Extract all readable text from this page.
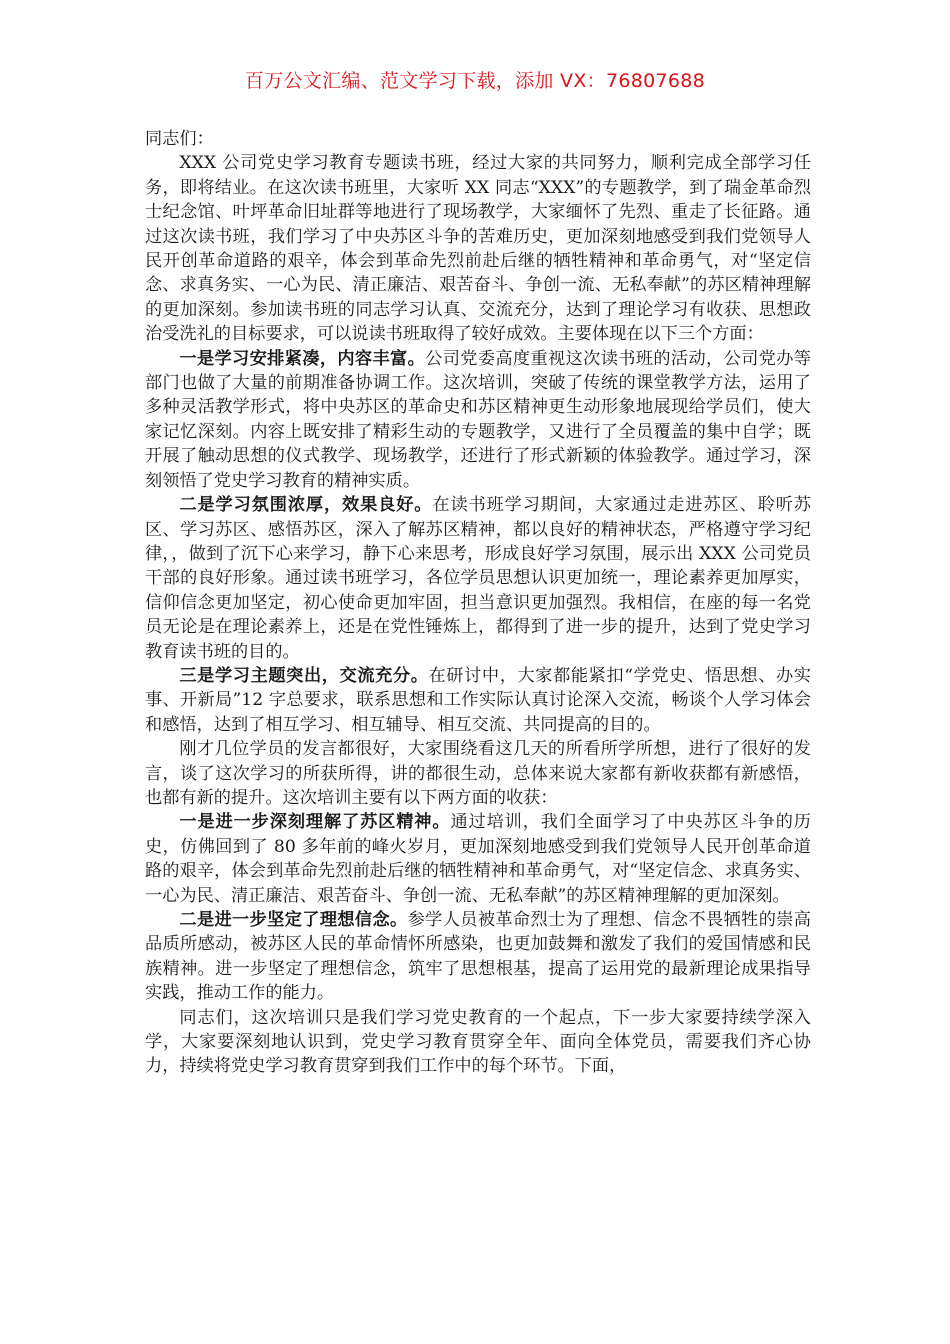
百万公文汇编、范文学习下载，添加 VX：76807688

同志们：

XXX 公司党史学习教育专题读书班，经过大家的共同努力，顺利完成全部学习任务，即将结业。在这次读书班里，大家听 XX 同志“XXX”的专题教学，到了瑞金革命烈士纪念馆、叶坪革命旧址群等地进行了现场教学，大家缅怀了先烈、重走了长征路。通过这次读书班，我们学习了中央苏区斗争的苦难历史，更加深刻地感受到我们党领导人民开创革命道路的艰辛，体会到革命先烈前赴后继的牺牲精神和革命勇气，对“坚定信念、求真务实、一心为民、清正廉洁、艰苦奋斗、争创一流、无私奉献”的苏区精神理解的更加深刻。参加读书班的同志学习认真、交流充分，达到了理论学习有收获、思想政治受洗礼的目标要求，可以说读书班取得了较好成效。主要体现在以下三个方面：

一是学习安排紧凑，内容丰富。公司党委高度重视这次读书班的活动，公司党办等部门也做了大量的前期准备协调工作。这次培训，突破了传统的课堂教学方法，运用了多种灵活教学形式，将中央苏区的革命史和苏区精神更生动形象地展现给学员们，使大家记忆深刻。内容上既安排了精彩生动的专题教学，又进行了全员覆盖的集中自学；既开展了触动思想的仪式教学、现场教学，还进行了形式新颖的体验教学。通过学习，深刻领悟了党史学习教育的精神实质。

二是学习氛围浓厚，效果良好。在读书班学习期间，大家通过走进苏区、聆听苏区、学习苏区、感悟苏区，深入了解苏区精神，都以良好的精神状态，严格遵守学习纪律，，做到了沉下心来学习，静下心来思考，形成良好学习氛围，展示出 XXX 公司党员干部的良好形象。通过读书班学习，各位学员思想认识更加统一，理论素养更加厚实，信仰信念更加坚定，初心使命更加牢固，担当意识更加强烈。我相信，在座的每一名党员无论是在理论素养上，还是在党性锤炼上，都得到了进一步的提升，达到了党史学习教育读书班的目的。

三是学习主题突出，交流充分。在研讨中，大家都能紧扣“学党史、悟思想、办实事、开新局”12 字总要求，联系思想和工作实际认真讨论深入交流，畅谈个人学习体会和感悟，达到了相互学习、相互辅导、相互交流、共同提高的目的。

刚才几位学员的发言都很好，大家围绕看这几天的所看所学所想，进行了很好的发言，谈了这次学习的所获所得，讲的都很生动，总体来说大家都有新收获都有新感悟，也都有新的提升。这次培训主要有以下两方面的收获：

一是进一步深刻理解了苏区精神。通过培训，我们全面学习了中央苏区斗争的历史，仿佛回到了 80 多年前的峰火岁月，更加深刻地感受到我们党领导人民开创革命道路的艰辛，体会到革命先烈前赴后继的牺牲精神和革命勇气，对“坚定信念、求真务实、一心为民、清正廉洁、艰苦奋斗、争创一流、无私奉献”的苏区精神理解的更加深刻。

二是进一步坚定了理想信念。参学人员被革命烈士为了理想、信念不畏牺牲的崇高品质所感动，被苏区人民的革命情怀所感染，也更加鼓舞和激发了我们的爱国情感和民族精神。进一步坚定了理想信念，筑牢了思想根基，提高了运用党的最新理论成果指导实践，推动工作的能力。

同志们，这次培训只是我们学习党史教育的一个起点，下一步大家要持续学深入学，大家要深刻地认识到，党史学习教育贯穿全年、面向全体党员，需要我们齐心协力，持续将党史学习教育贯穿到我们工作中的每个环节。下面，
